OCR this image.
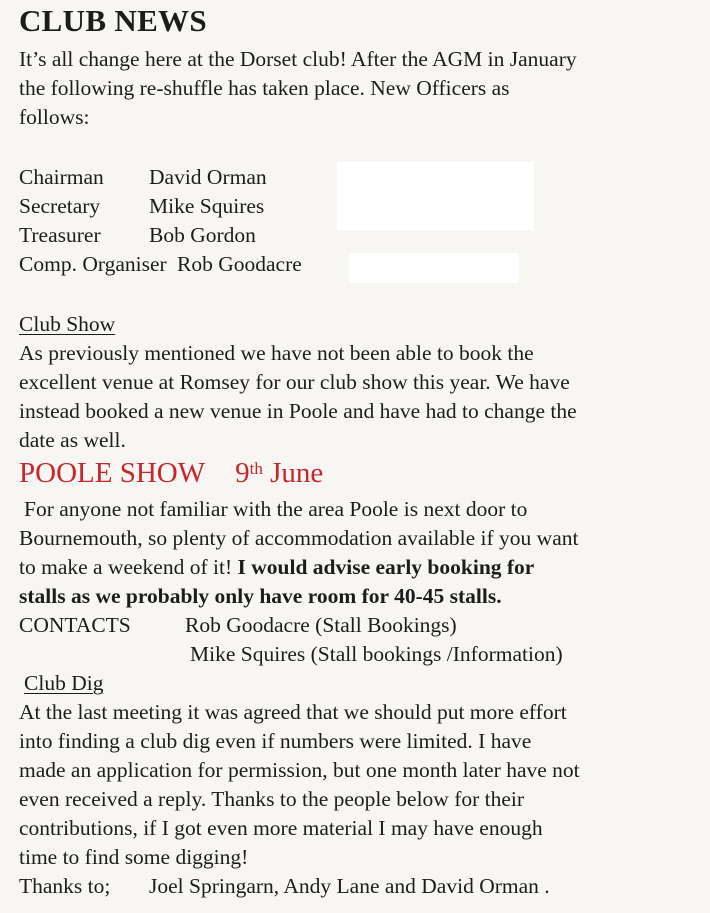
CLUB NEWS
It’s all change here at the Dorset club! After the AGM in January
the following re-shuffle has taken place. New Officers as
follows:
Chairman David Orman
Secretary Mike Squires
Treasurer Bob Gordon
Comp. Organiser Rob Goodacre
Club Show
As previously mentioned we have not been able to book the
excellent venue at Romsey for our club show this year. We have
instead booked a new venue in Poole and have had to change the
date as well.
POOLE SHOW 9th June
For anyone not familiar with the area Poole is next door to
Bournemouth, so plenty of accommodation available if you want
to make a weekend of it! I would advise early booking for
stalls as we probably only have room for 40-45 stalls.
CONTACTS	Rob Goodacre (Stall Bookings)
Mike Squires (Stall bookings /Information)
Club Dig
At the last meeting it was agreed that we should put more effort
into finding a club dig even if numbers were limited. I have
made an application for permission, but one month later have not
even received a reply. Thanks to the people below for their
contributions, if I got even more material I may have enough
time to find some digging!
Thanks to; Joel Springarn, Andy Lane and David Orman .
